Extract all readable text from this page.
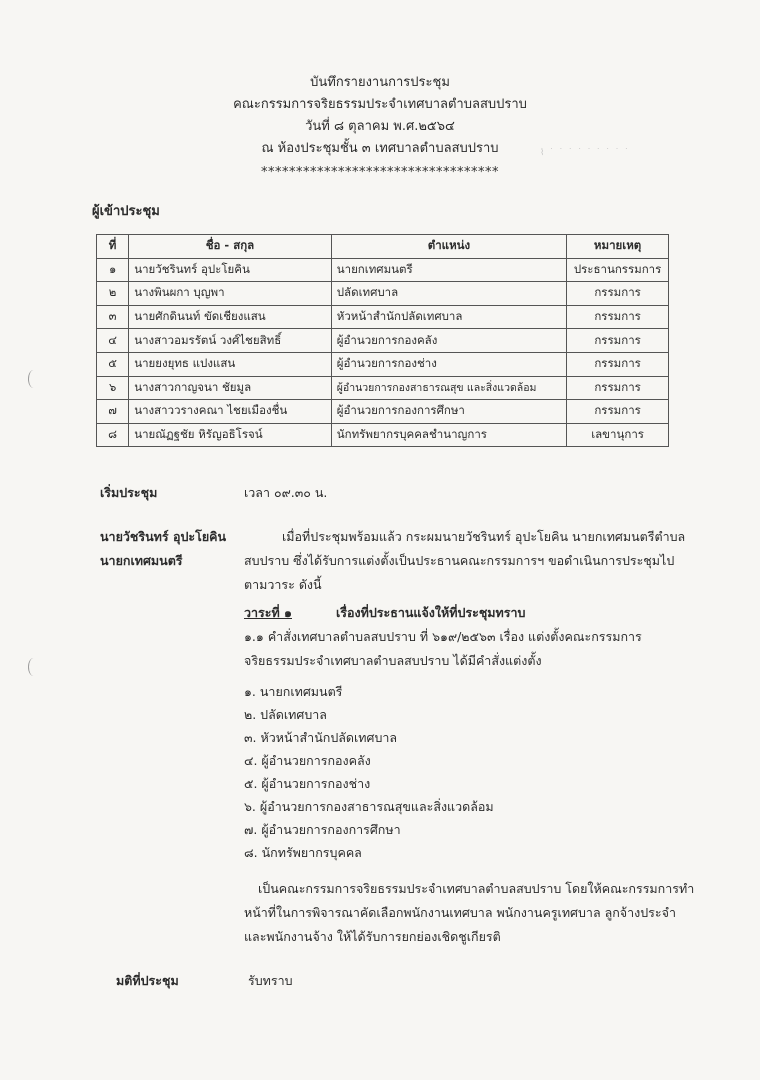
⌇ ˙ ˙ ˙ ˙ ˙ ˙ ˙ ˙ ˙
บันทึกรายงานการประชุม
คณะกรรมการจริยธรรมประจำเทศบาลตำบลสบปราบ
วันที่ ๘ ตุลาคม พ.ศ.๒๕๖๔
ณ ห้องประชุมชั้น ๓ เทศบาลตำบลสบปราบ
**********************************
ผู้เข้าประชุม
ที่	ชื่อ - สกุล	ตำแหน่ง	หมายเหตุ
๑	นายวัชรินทร์ อุปะโยคิน	นายกเทศมนตรี	ประธานกรรมการ
๒	นางพินผกา บุญพา	ปลัดเทศบาล	กรรมการ
๓	นายศักดินนท์ ขัดเชียงแสน	หัวหน้าสำนักปลัดเทศบาล	กรรมการ
๔	นางสาวอมรรัตน์ วงศ์ไชยสิทธิ์	ผู้อำนวยการกองคลัง	กรรมการ
๕	นายยงยุทธ แปงแสน	ผู้อำนวยการกองช่าง	กรรมการ
๖	นางสาวกาญจนา ชัยมูล	ผู้อำนวยการกองสาธารณสุข และสิ่งแวดล้อม	กรรมการ
๗	นางสาววรางคณา ไชยเมืองชื่น	ผู้อำนวยการกองการศึกษา	กรรมการ
๘	นายณัฏฐชัย หิรัญอธิโรจน์	นักทรัพยากรบุคคลชำนาญการ	เลขานุการ
เริ่มประชุม	เวลา ๐๙.๓๐ น.
นายวัชรินทร์ อุปะโยคิน
นายกเทศมนตรี
เมื่อที่ประชุมพร้อมแล้ว กระผมนายวัชรินทร์ อุปะโยคิน นายกเทศมนตรีตำบล
สบปราบ ซึ่งได้รับการแต่งตั้งเป็นประธานคณะกรรมการฯ ขอดำเนินการประชุมไป
ตามวาระ ดังนี้
วาระที่ ๑	เรื่องที่ประธานแจ้งให้ที่ประชุมทราบ
๑.๑ คำสั่งเทศบาลตำบลสบปราบ ที่ ๖๑๙/๒๕๖๓ เรื่อง แต่งตั้งคณะกรรมการ
จริยธรรมประจำเทศบาลตำบลสบปราบ ได้มีคำสั่งแต่งตั้ง
๑. นายกเทศมนตรี
๒. ปลัดเทศบาล
๓. หัวหน้าสำนักปลัดเทศบาล
๔. ผู้อำนวยการกองคลัง
๕. ผู้อำนวยการกองช่าง
๖. ผู้อำนวยการกองสาธารณสุขและสิ่งแวดล้อม
๗. ผู้อำนวยการกองการศึกษา
๘. นักทรัพยากรบุคคล
เป็นคณะกรรมการจริยธรรมประจำเทศบาลตำบลสบปราบ โดยให้คณะกรรมการทำ
หน้าที่ในการพิจารณาคัดเลือกพนักงานเทศบาล พนักงานครูเทศบาล ลูกจ้างประจำ
และพนักงานจ้าง ให้ได้รับการยกย่องเชิดชูเกียรติ
มติที่ประชุม	รับทราบ
